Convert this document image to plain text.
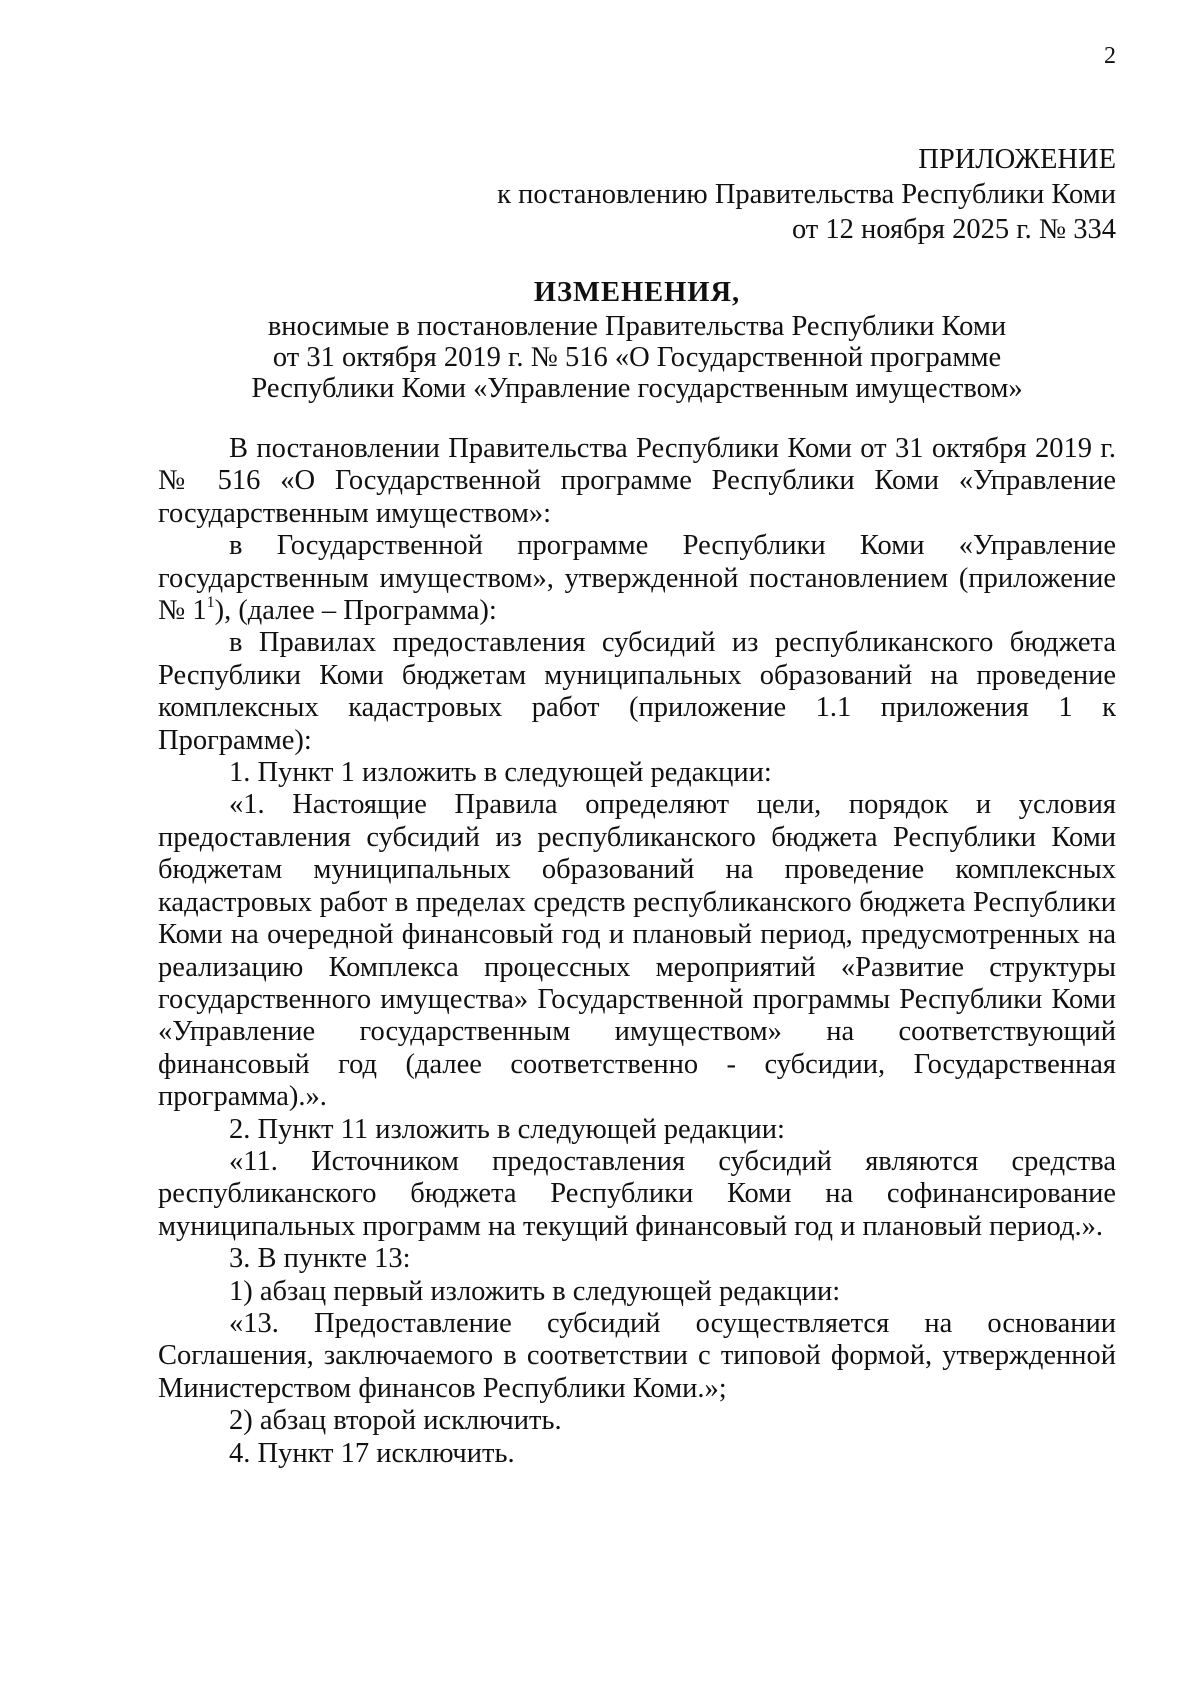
2
ПРИЛОЖЕНИЕ
к постановлению Правительства Республики Коми
от 12 ноября 2025 г. № 334
ИЗМЕНЕНИЯ,
вносимые в постановление Правительства Республики Коми
от 31 октября 2019 г. № 516 «О Государственной программе
Республики Коми «Управление государственным имуществом»

В постановлении Правительства Республики Коми от 31 октября 2019 г. № 516 «О Государственной программе Республики Коми «Управление государственным имуществом»:

в Государственной программе Республики Коми «Управление государственным имуществом», утвержденной постановлением (приложение № $1^1$), (далее – Программа):

в Правилах предоставления субсидий из республиканского бюджета Республики Коми бюджетам муниципальных образований на проведение комплексных кадастровых работ (приложение 1.1 приложения 1 к Программе):

1. Пункт 1 изложить в следующей редакции:

«1. Настоящие Правила определяют цели, порядок и условия предоставления субсидий из республиканского бюджета Республики Коми бюджетам муниципальных образований на проведение комплексных кадастровых работ в пределах средств республиканского бюджета Республики Коми на очередной финансовый год и плановый период, предусмотренных на реализацию Комплекса процессных мероприятий «Развитие структуры государственного имущества» Государственной программы Республики Коми «Управление государственным имуществом» на соответствующий финансовый год (далее соответственно - субсидии, Государственная программа).».

2. Пункт 11 изложить в следующей редакции:

«11. Источником предоставления субсидий являются средства республиканского бюджета Республики Коми на софинансирование муниципальных программ на текущий финансовый год и плановый период.».

3. В пункте 13:

1) абзац первый изложить в следующей редакции:

«13. Предоставление субсидий осуществляется на основании Соглашения, заключаемого в соответствии с типовой формой, утвержденной Министерством финансов Республики Коми.»;

2) абзац второй исключить.

4. Пункт 17 исключить.
